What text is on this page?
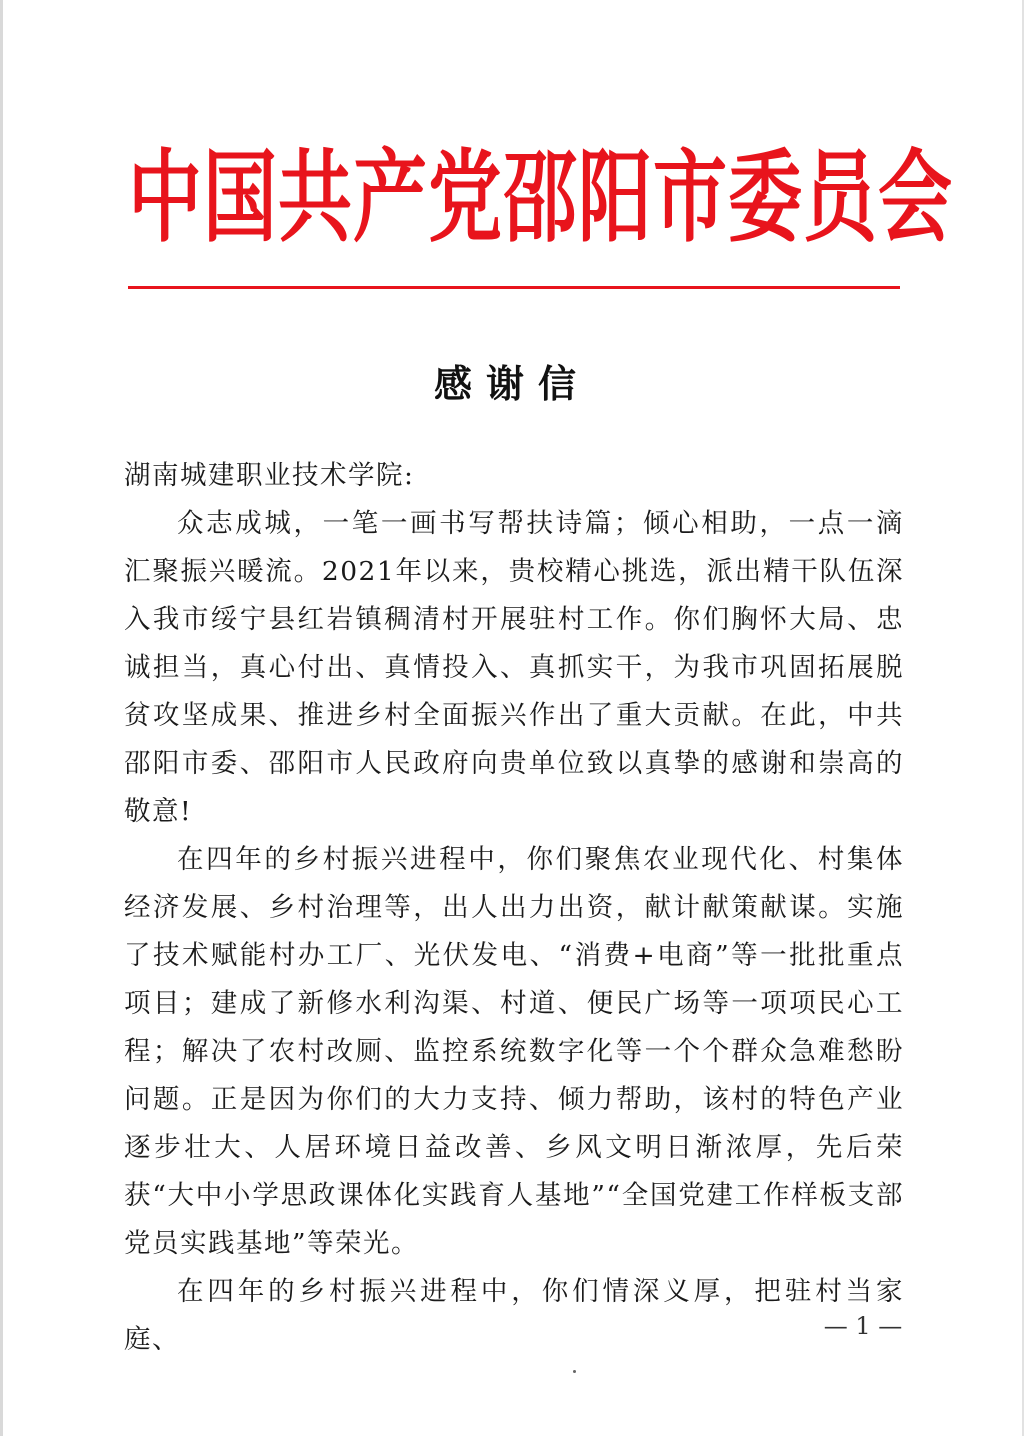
中国共产党邵阳市委员会
感谢信

湖南城建职业技术学院:

众志成城，一笔一画书写帮扶诗篇；倾心相助，一点一滴汇聚振兴暖流。2021年以来，贵校精心挑选，派出精干队伍深入我市绥宁县红岩镇稠清村开展驻村工作。你们胸怀大局、忠诚担当，真心付出、真情投入、真抓实干，为我市巩固拓展脱贫攻坚成果、推进乡村全面振兴作出了重大贡献。在此，中共邵阳市委、邵阳市人民政府向贵单位致以真挚的感谢和崇高的敬意!

在四年的乡村振兴进程中，你们聚焦农业现代化、村集体经济发展、乡村治理等，出人出力出资，献计献策献谋。实施了技术赋能村办工厂、光伏发电、“消费+电商”等一批批重点项目；建成了新修水利沟渠、村道、便民广场等一项项民心工程；解决了农村改厕、监控系统数字化等一个个群众急难愁盼问题。正是因为你们的大力支持、倾力帮助，该村的特色产业逐步壮大、人居环境日益改善、乡风文明日渐浓厚，先后荣获“大中小学思政课体化实践育人基地”“全国党建工作样板支部党员实践基地”等荣光。

在四年的乡村振兴进程中，你们情深义厚，把驻村当家庭、	— 1 —
